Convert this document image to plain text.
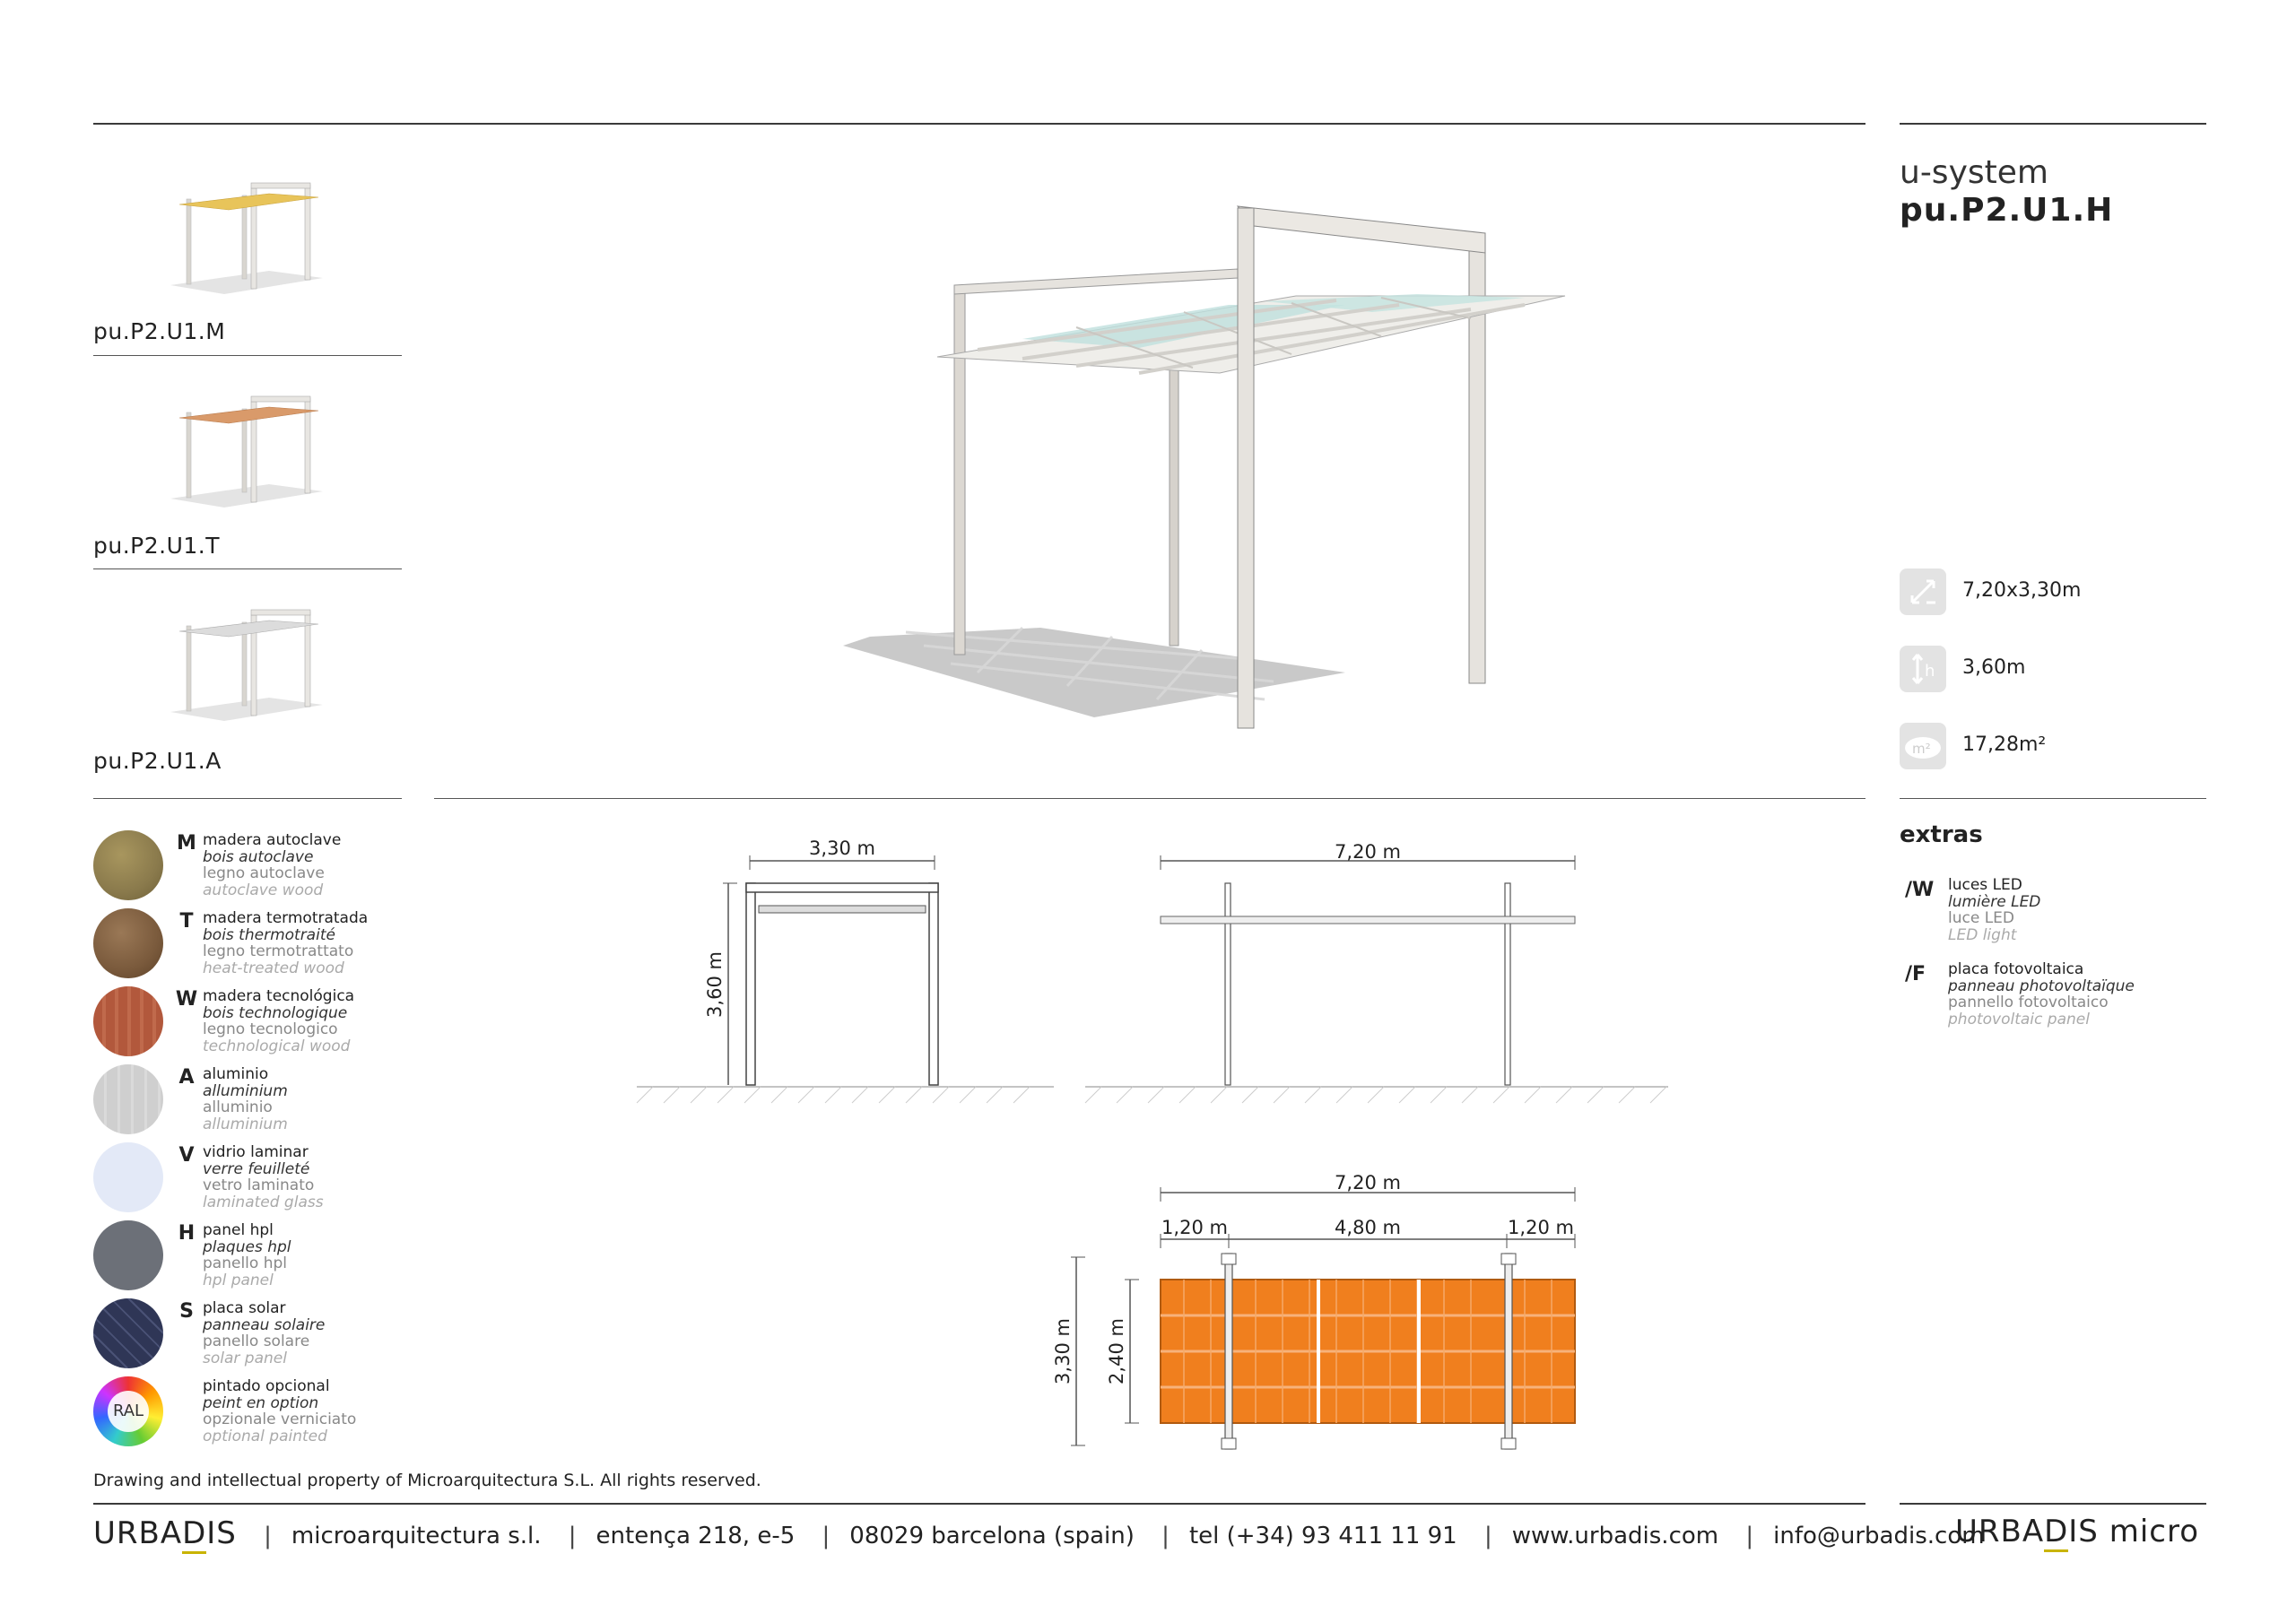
pu.P2.U1.M
pu.P2.U1.T
pu.P2.U1.A
u-system
pu.P2.U1.H
7,20x3,30m
h 3,60m
m² 17,28m²
extras
/W luces LED
lumière LED
luce LED
LED light
/F placa fotovoltaica
panneau photovoltaïque
pannello fotovoltaico
photovoltaic panel
M madera autoclave
bois autoclave
legno autoclave
autoclave wood
T madera termotratada
bois thermotraité
legno termotrattato
heat-treated wood
W madera tecnológica
bois technologique
legno tecnologico
technological wood
A aluminio
alluminium
alluminio
alluminium
V vidrio laminar
verre feuilleté
vetro laminato
laminated glass
H panel hpl
plaques hpl
panello hpl
hpl panel
S placa solar
panneau solaire
panello solare
solar panel
RAL
pintado opcional
peint en option
opzionale verniciato
optional painted
3,30 m
3,60 m
7,20 m
7,20 m
1,20 m	4,80 m	1,20 m
3,30 m 2,40 m
Drawing and intellectual property of Microarquitectura S.L. All rights reserved.
URBADIS | microarquitectura s.l. | entença 218, e-5 | 08029 barcelona (spain) | tel (+34) 93 411 11 91 | www.urbadis.com | info@urbadis.com
URBADIS micro
